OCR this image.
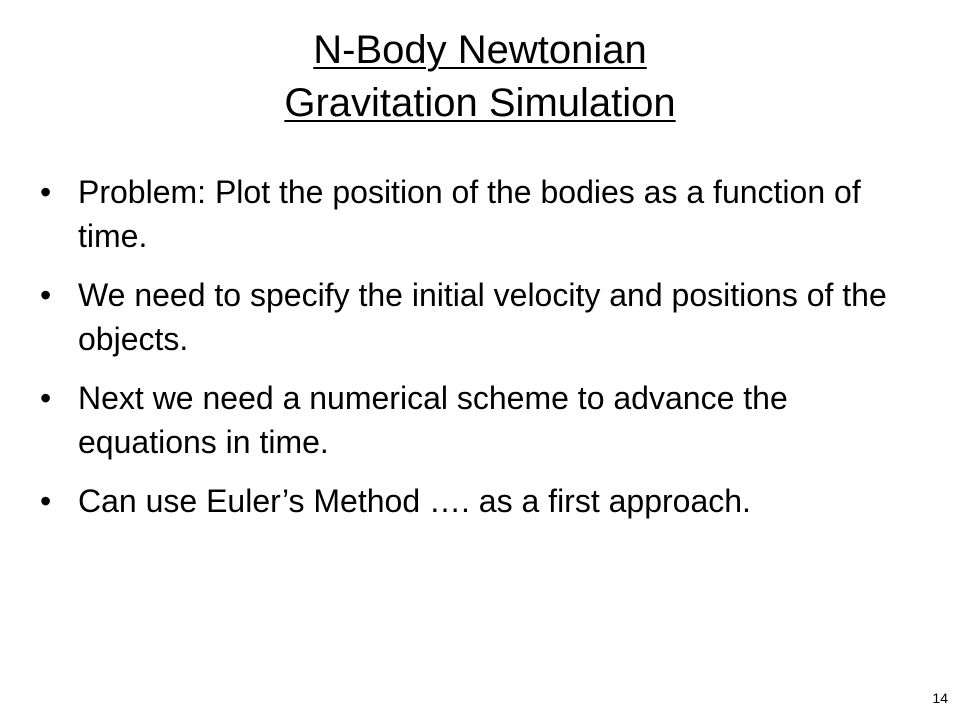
N-Body Newtonian
Gravitation Simulation
• Problem: Plot the position of the bodies as a function of time.
• We need to specify the initial velocity and positions of the objects.
• Next we need a numerical scheme to advance the equations in time.
• Can use Euler’s Method …. as a first approach.
14
